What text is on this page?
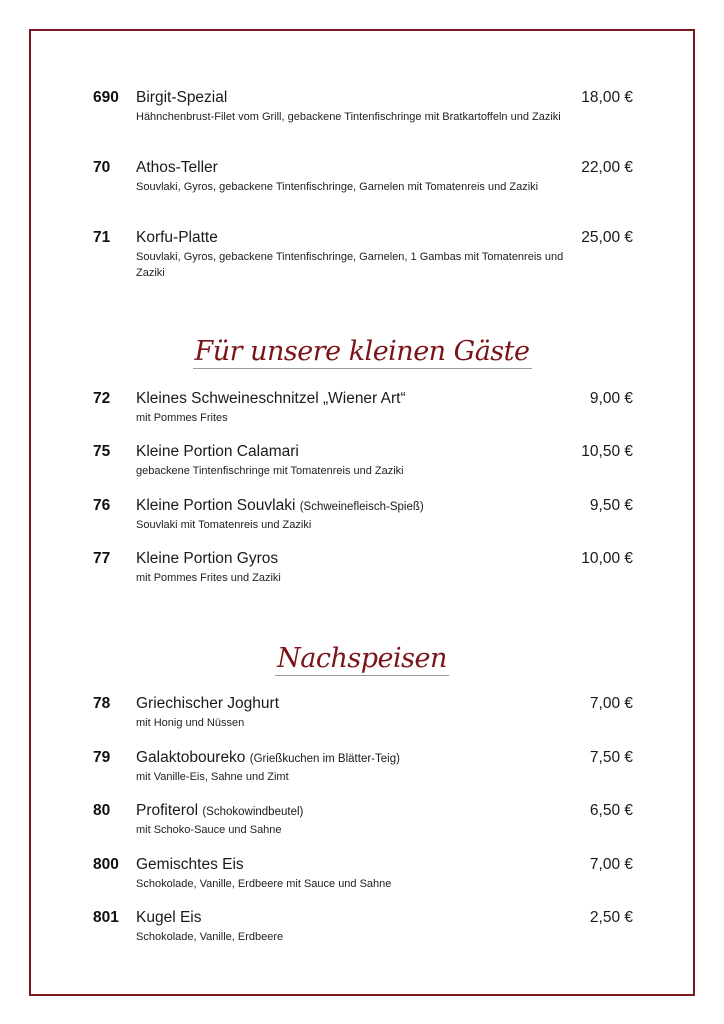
690 Birgit-Spezial	18,00 €
Hähnchenbrust-Filet vom Grill, gebackene Tintenfischringe mit Bratkartoffeln und Zaziki
70 Athos-Teller	22,00 €
Souvlaki, Gyros, gebackene Tintenfischringe, Garnelen mit Tomatenreis und Zaziki
71 Korfu-Platte	25,00 €
Souvlaki, Gyros, gebackene Tintenfischringe, Garnelen, 1 Gambas mit Tomatenreis und Zaziki
Für unsere kleinen Gäste
72 Kleines Schweineschnitzel „Wiener Art“	9,00 €
mit Pommes Frites
75 Kleine Portion Calamari	10,50 €
gebackene Tintenfischringe mit Tomatenreis und Zaziki
76 Kleine Portion Souvlaki (Schweinefleisch-Spieß)	9,50 €
Souvlaki mit Tomatenreis und Zaziki
77 Kleine Portion Gyros	10,00 €
mit Pommes Frites und Zaziki
Nachspeisen
78 Griechischer Joghurt	7,00 €
mit Honig und Nüssen
79 Galaktoboureko (Grießkuchen im Blätter-Teig)	7,50 €
mit Vanille-Eis, Sahne und Zimt
80 Profiterol (Schokowindbeutel)	6,50 €
mit Schoko-Sauce und Sahne
800 Gemischtes Eis	7,00 €
Schokolade, Vanille, Erdbeere mit Sauce und Sahne
801 Kugel Eis	2,50 €
Schokolade, Vanille, Erdbeere
